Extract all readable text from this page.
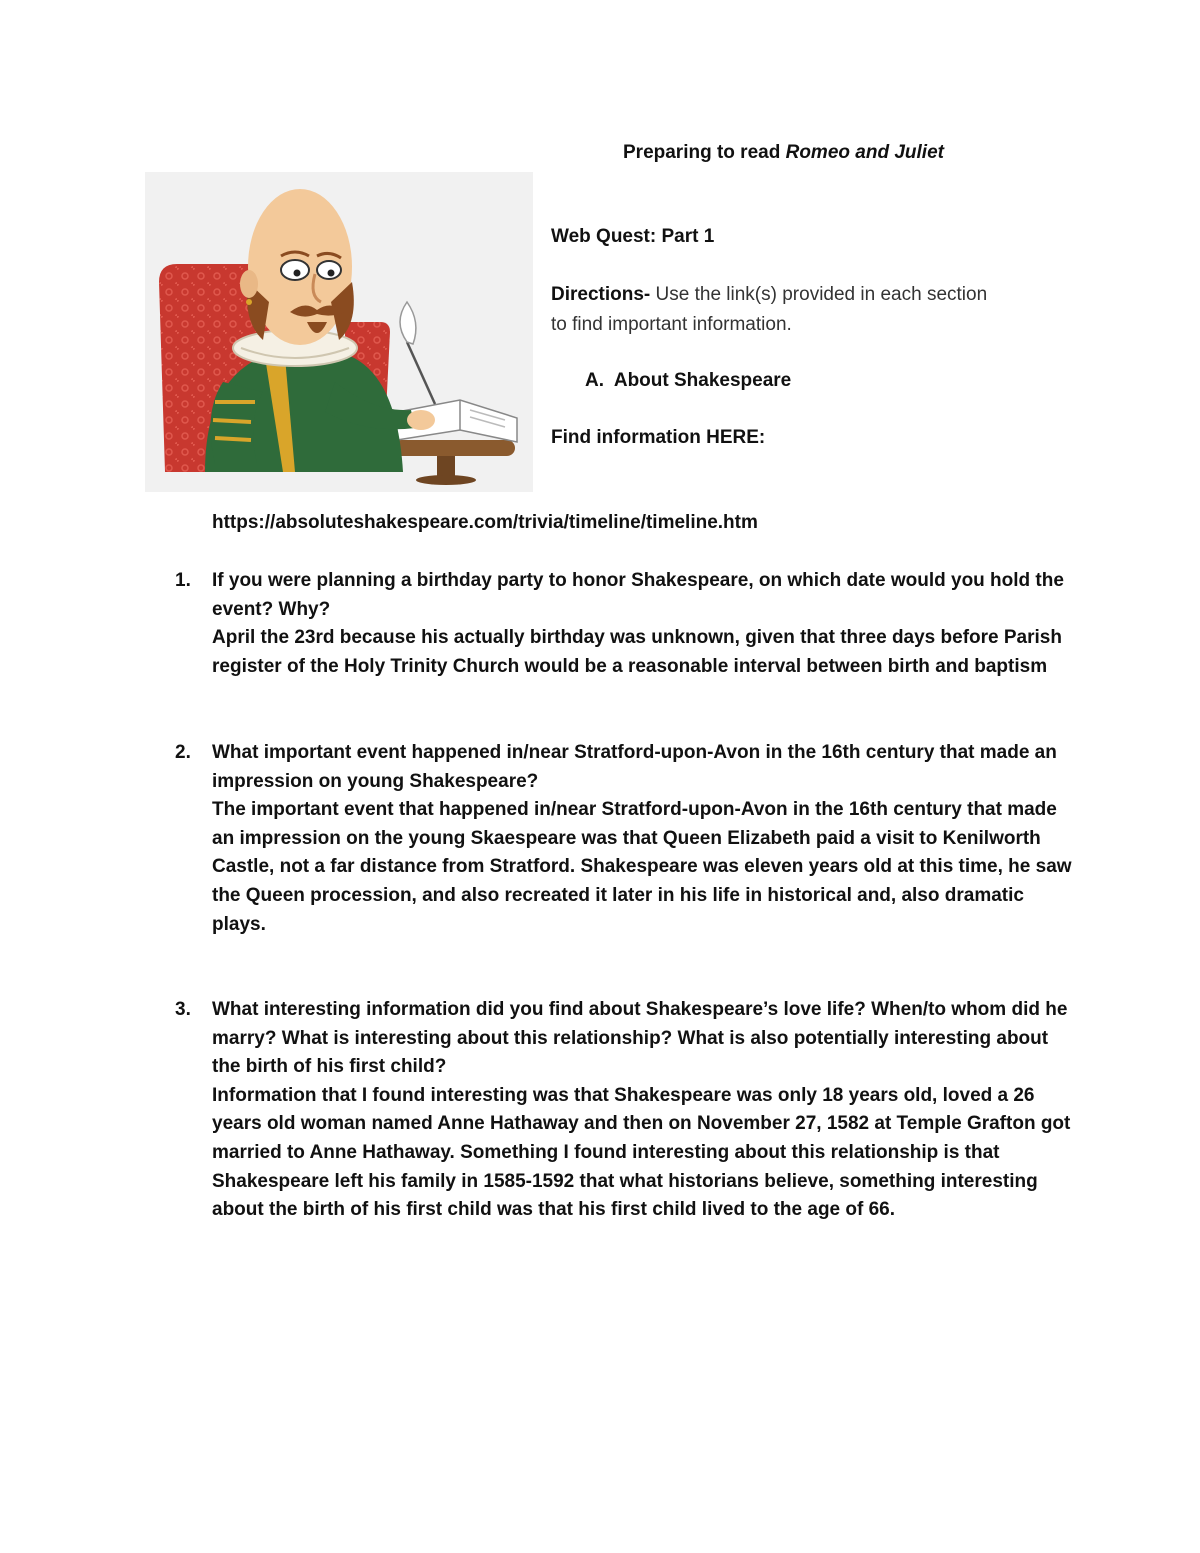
Preparing to read Romeo and Juliet
Web Quest: Part 1
Directions- Use the link(s) provided in each section
to find important information.
A. About Shakespeare
Find information HERE:
https://absoluteshakespeare.com/trivia/timeline/timeline.htm
1. If you were planning a birthday party to honor Shakespeare, on which date would you hold the event? Why?

April the 23rd because his actually birthday was unknown, given that three days before Parish register of the Holy Trinity Church would be a reasonable interval between birth and baptism

2. What important event happened in/near Stratford-upon-Avon in the 16th century that made an impression on young Shakespeare?

The important event that happened in/near Stratford-upon-Avon in the 16th century that made an impression on the young Skaespeare was that Queen Elizabeth paid a visit to Kenilworth Castle, not a far distance from Stratford. Shakespeare was eleven years old at this time, he saw the Queen procession, and also recreated it later in his life in historical and, also dramatic plays.

3. What interesting information did you find about Shakespeare’s love life? When/to whom did he marry? What is interesting about this relationship? What is also potentially interesting about the birth of his first child?

Information that I found interesting was that Shakespeare was only 18 years old, loved a 26 years old woman named Anne Hathaway and then on November 27, 1582 at Temple Grafton got married to Anne Hathaway. Something I found interesting about this relationship is that Shakespeare left his family in 1585-1592 that what historians believe, something interesting about the birth of his first child was that his first child lived to the age of 66.
